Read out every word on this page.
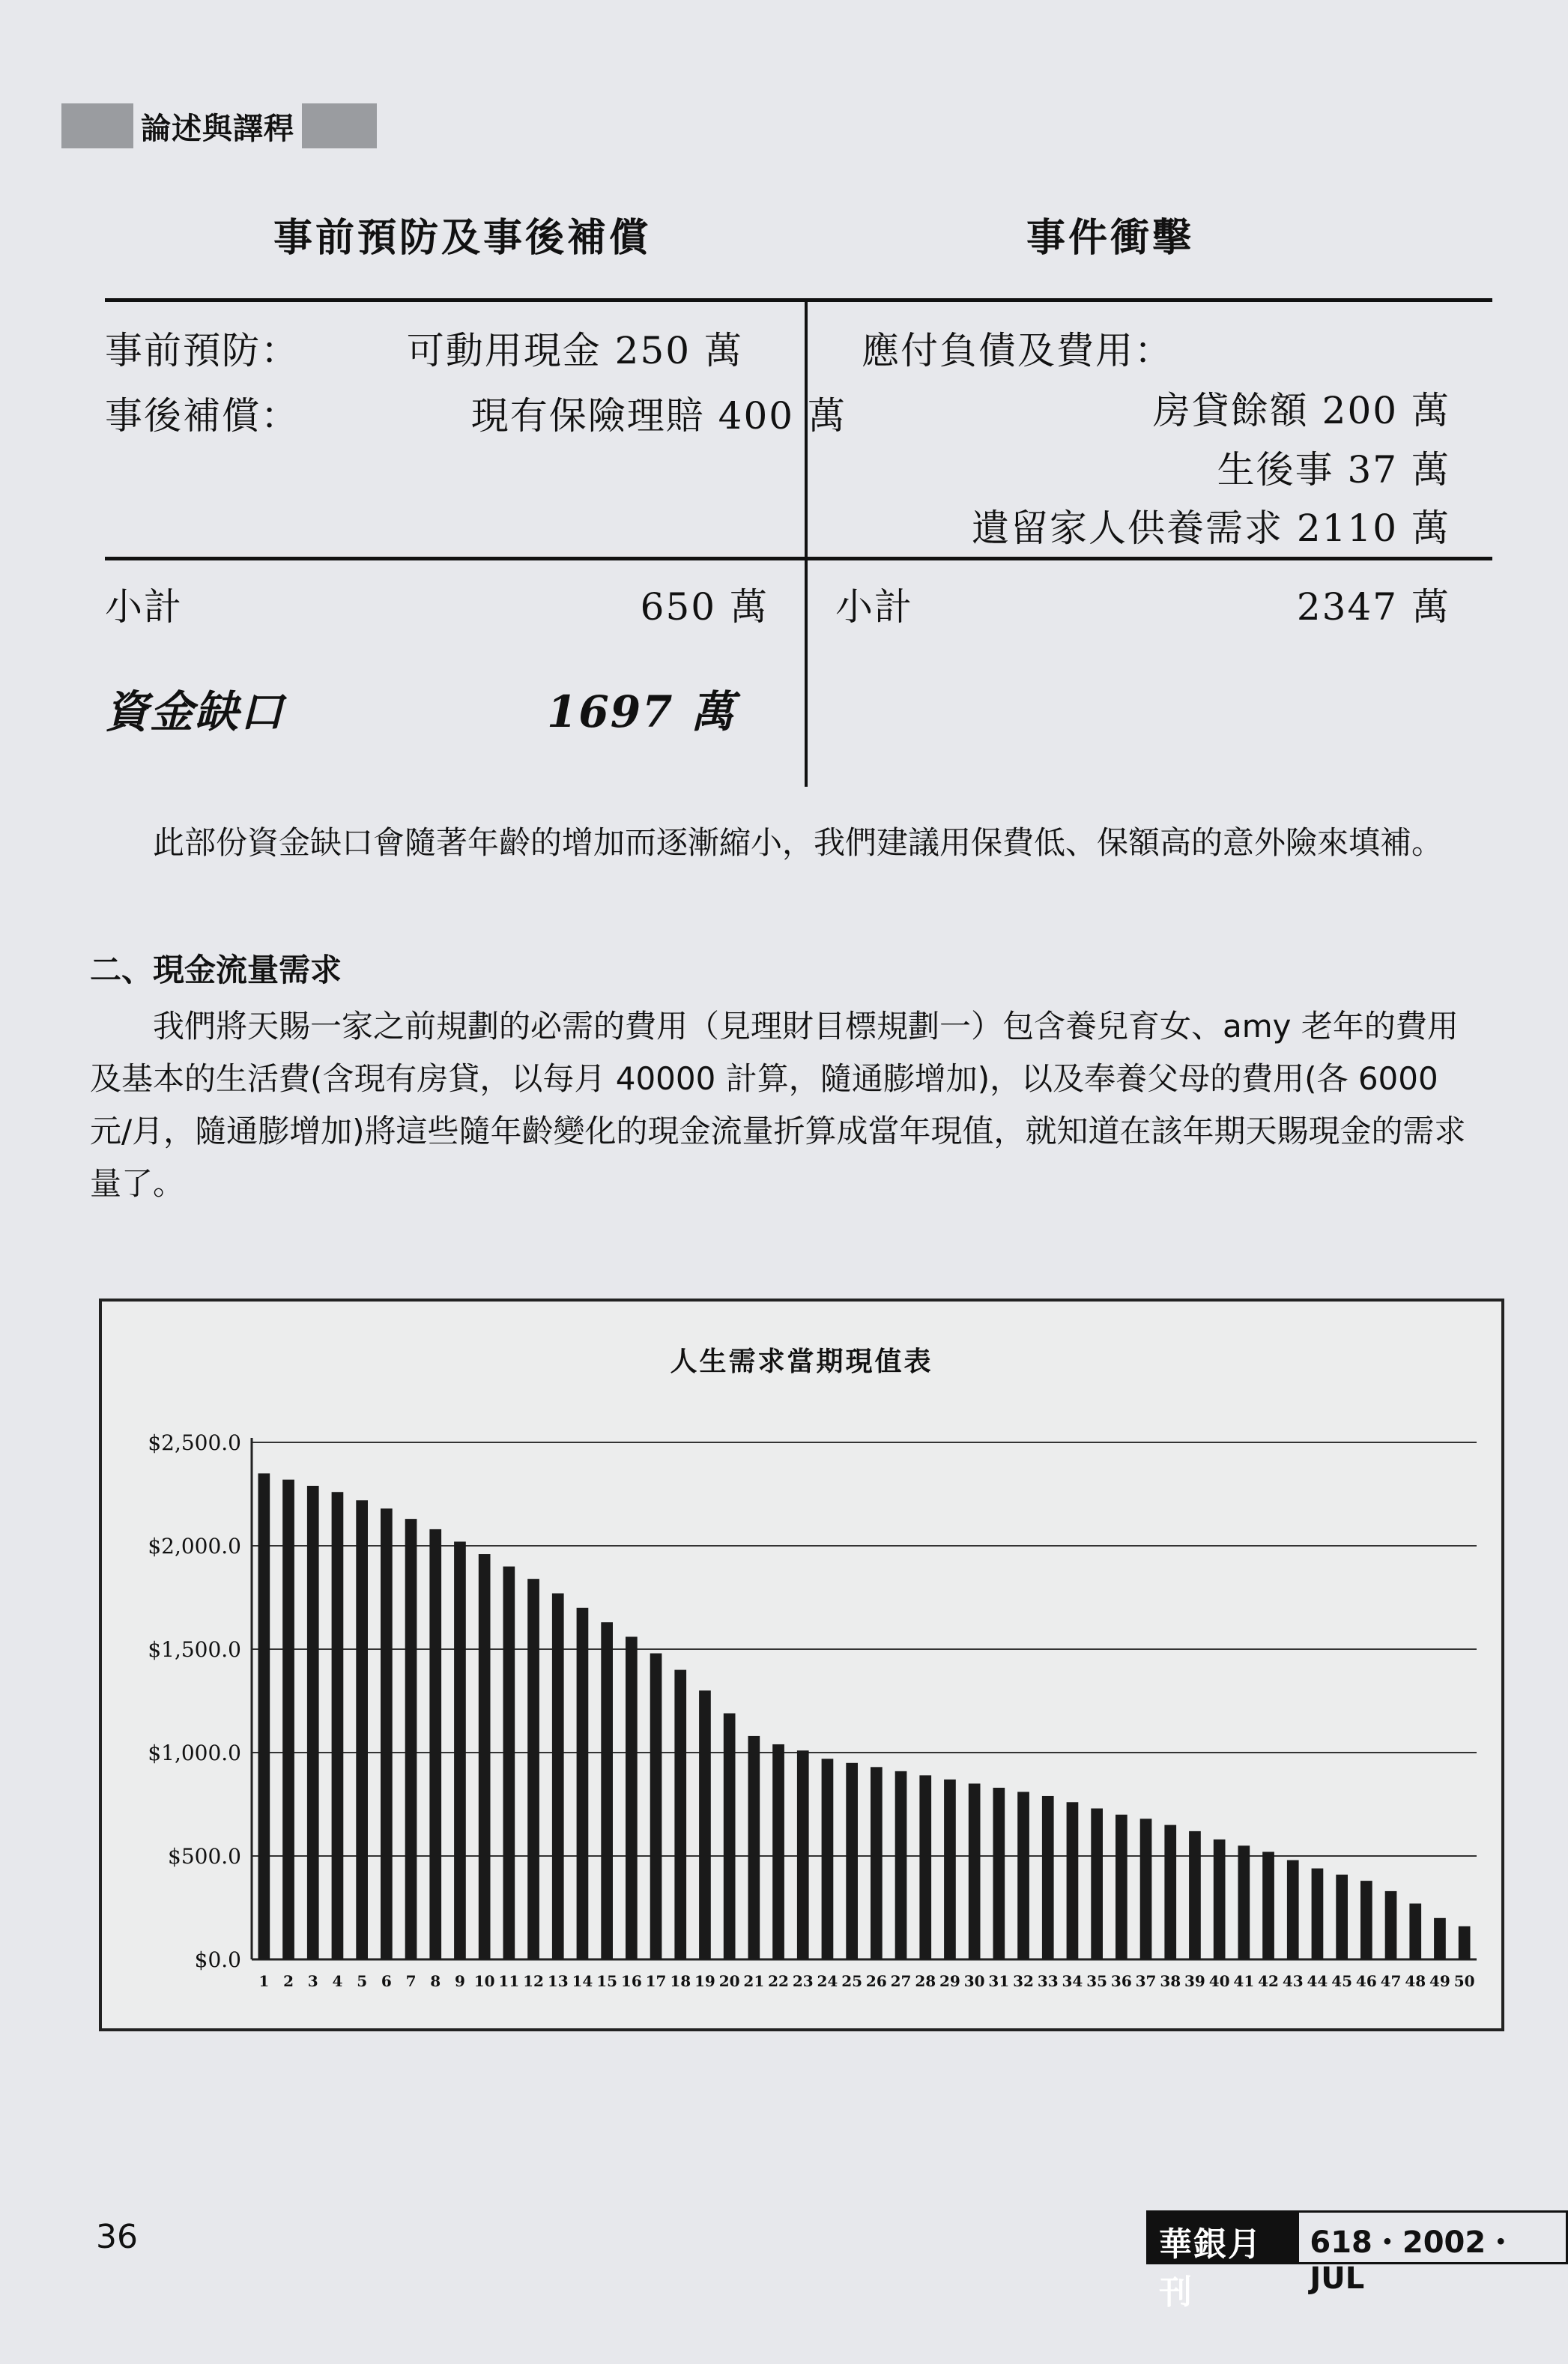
論述與譯稈
事前預防及事後補償	事件衝擊
事前預防：	可動用現金 250 萬
事後補償：	現有保險理賠 400 萬
應付負債及費用：
房貸餘額 200 萬
生後事 37 萬
遺留家人供養需求 2110 萬
小計	650 萬 小計	2347 萬
資金缺口	1697 萬
此部份資金缺口會隨著年齡的增加而逐漸縮小，我們建議用保費低、保額高的意外險來填補。
二、現金流量需求
我們將天賜一家之前規劃的必需的費用（見理財目標規劃一）包含養兒育女、amy 老年的費用及基本的生活費(含現有房貸，以每月 40000 計算，隨通膨增加)，以及奉養父母的費用(各 6000 元/月，隨通膨增加)將這些隨年齡變化的現金流量折算成當年現值，就知道在該年期天賜現金的需求量了。
人生需求當期現值表
$0.0
$500.0
$1,000.0
$1,500.0
$2,000.0
$2,500.0
1 2 3 4 5 6 7 8 9 10 11 12 13 14 15 16 17 18 19 20 21 22 23 24 25 26 27 28 29 30 31 32 33 34 35 36 37 38 39 40 41 42 43 44 45 46 47 48 49 50
36	華銀月刊
618・2002・JUL
